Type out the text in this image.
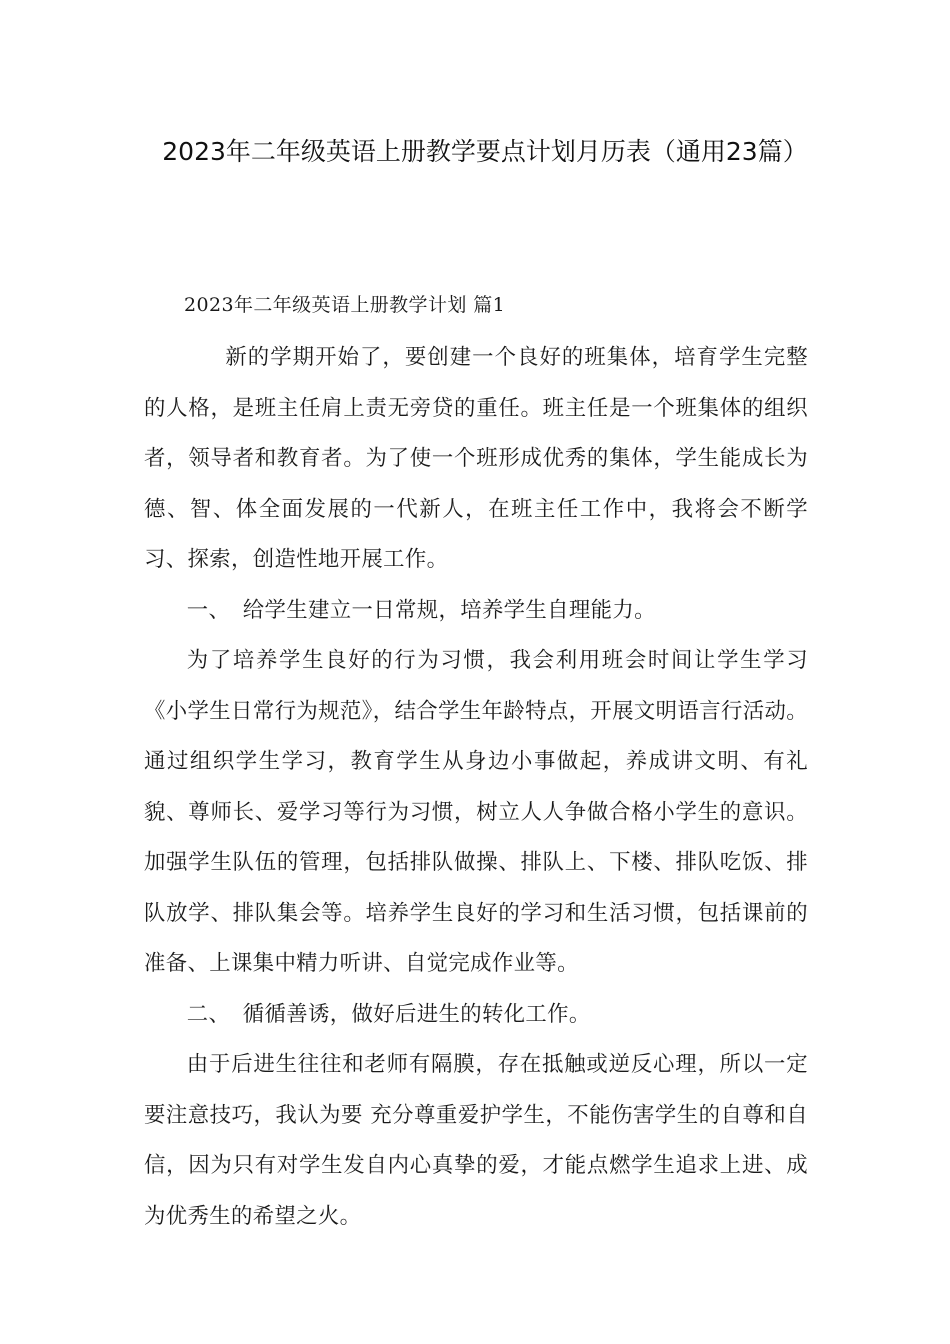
2023年二年级英语上册教学要点计划月历表（通用23篇）

2023年二年级英语上册教学计划 篇1

新的学期开始了，要创建一个良好的班集体，培育学生完整的人格，是班主任肩上责无旁贷的重任。班主任是一个班集体的组织者，领导者和教育者。为了使一个班形成优秀的集体，学生能成长为德、智、体全面发展的一代新人，在班主任工作中，我将会不断学习、探索，创造性地开展工作。

一、 给学生建立一日常规，培养学生自理能力。

为了培养学生良好的行为习惯，我会利用班会时间让学生学习《小学生日常行为规范》，结合学生年龄特点，开展文明语言行活动。通过组织学生学习，教育学生从身边小事做起，养成讲文明、有礼貌、尊师长、爱学习等行为习惯，树立人人争做合格小学生的意识。加强学生队伍的管理，包括排队做操、排队上、下楼、排队吃饭、排队放学、排队集会等。培养学生良好的学习和生活习惯，包括课前的准备、上课集中精力听讲、自觉完成作业等。

二、 循循善诱，做好后进生的转化工作。

由于后进生往往和老师有隔膜，存在抵触或逆反心理，所以一定要注意技巧，我认为要 充分尊重爱护学生，不能伤害学生的自尊和自信，因为只有对学生发自内心真挚的爱，才能点燃学生追求上进、成为优秀生的希望之火。
